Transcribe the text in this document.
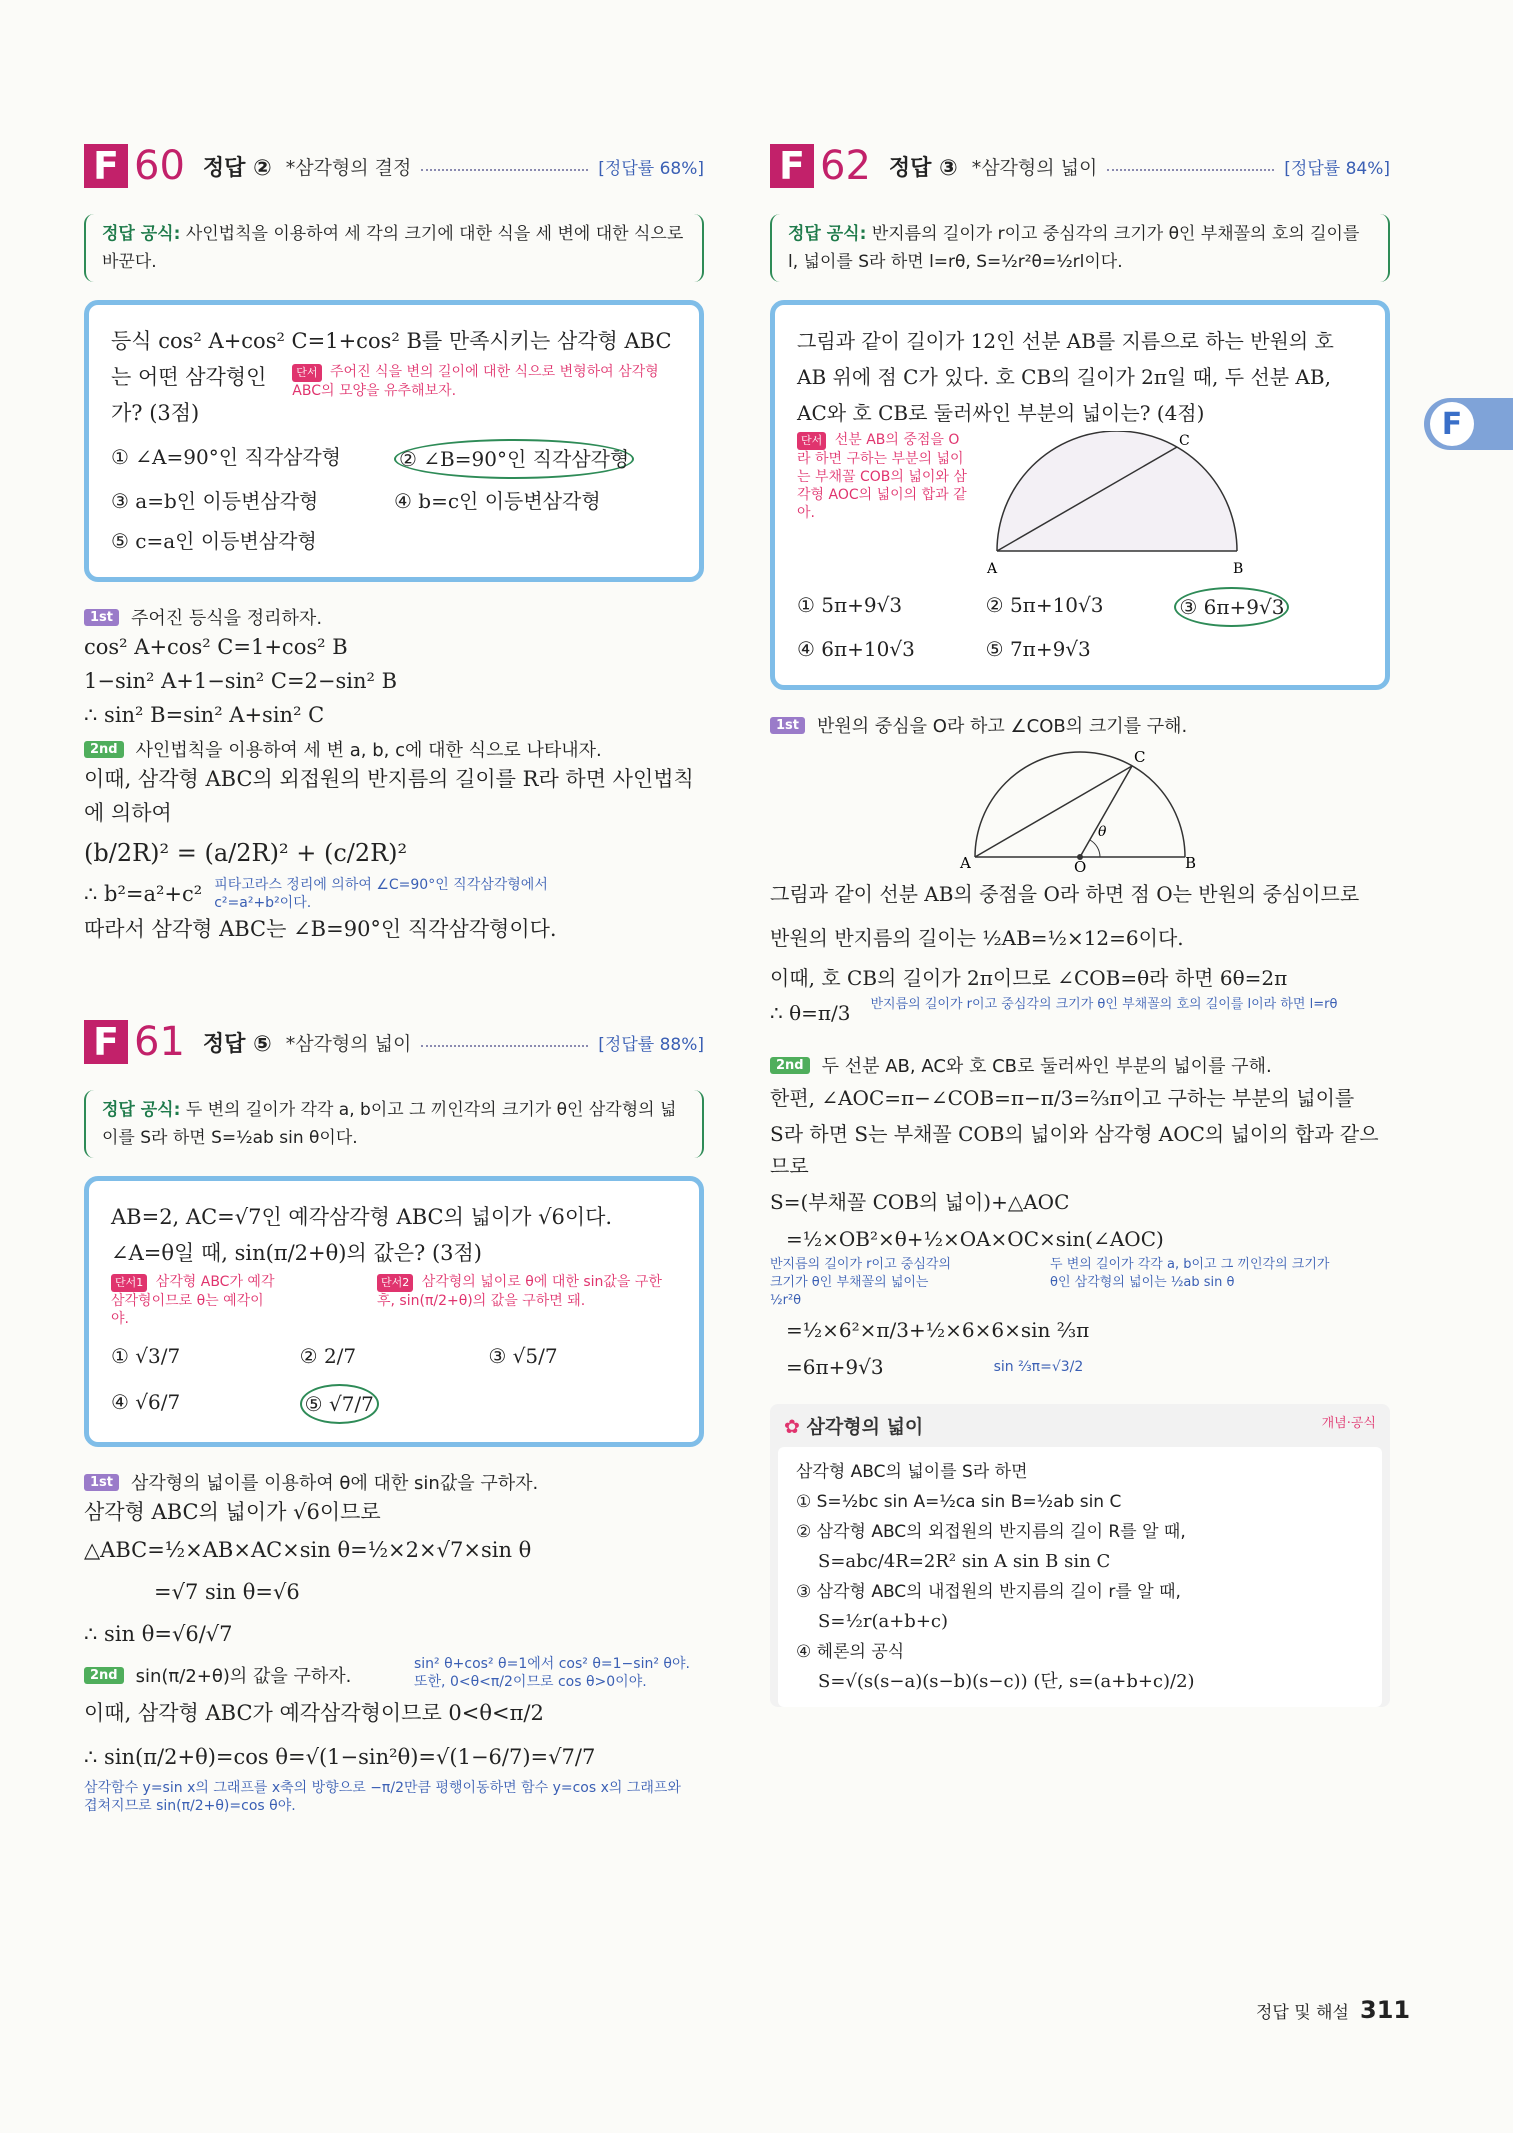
F
F 60 정답 ② *삼각형의 결정	[정답률 68%]
정답 공식: 사인법칙을 이용하여 세 각의 크기에 대한 식을 세 변에 대한 식으로 바꾼다.
등식 cos² A+cos² C=1+cos² B를 만족시키는 삼각형 ABC
는 어떤 삼각형인가? (3점)
단서 주어진 식을 변의 길이에 대한 식으로 변형하여 삼각형 ABC의 모양을 유추해보자.
① ∠A=90°인 직각삼각형	② ∠B=90°인 직각삼각형
③ a=b인 이등변삼각형	④ b=c인 이등변삼각형
⑤ c=a인 이등변삼각형
1st	주어진 등식을 정리하자.
cos² A+cos² C=1+cos² B
1−sin² A+1−sin² C=2−sin² B
∴ sin² B=sin² A+sin² C
2nd	사인법칙을 이용하여 세 변 a, b, c에 대한 식으로 나타내자.
이때, 삼각형 ABC의 외접원의 반지름의 길이를 R라 하면 사인법칙에 의하여
(b/2R)² = (a/2R)² + (c/2R)²
∴ b²=a²+c² 피타고라스 정리에 의하여 ∠C=90°인 직각삼각형에서 c²=a²+b²이다.
따라서 삼각형 ABC는 ∠B=90°인 직각삼각형이다.
F 61 정답 ⑤ *삼각형의 넓이	[정답률 88%]
정답 공식: 두 변의 길이가 각각 a, b이고 그 끼인각의 크기가 θ인 삼각형의 넓이를 S라 하면 S=½ab sin θ이다.
AB=2, AC=√7인 예각삼각형 ABC의 넓이가 √6이다.
∠A=θ일 때, sin(π/2+θ)의 값은? (3점)
단서1 삼각형 ABC가 예각삼각형이므로 θ는 예각이야.
단서2 삼각형의 넓이로 θ에 대한 sin값을 구한 후, sin(π/2+θ)의 값을 구하면 돼.
① √3/7	② 2/7	③ √5/7
④ √6/7	⑤ √7/7
1st	삼각형의 넓이를 이용하여 θ에 대한 sin값을 구하자.
삼각형 ABC의 넓이가 √6이므로
△ABC=½×AB×AC×sin θ=½×2×√7×sin θ
=√7 sin θ=√6
∴ sin θ=√6/√7
2nd	sin(π/2+θ)의 값을 구하자.
sin² θ+cos² θ=1에서 cos² θ=1−sin² θ야. 또한, 0<θ<π/2이므로 cos θ>0이야.
이때, 삼각형 ABC가 예각삼각형이므로 0<θ<π/2
∴ sin(π/2+θ)=cos θ=√(1−sin²θ)=√(1−6/7)=√7/7
삼각함수 y=sin x의 그래프를 x축의 방향으로 −π/2만큼 평행이동하면 함수 y=cos x의 그래프와 겹쳐지므로 sin(π/2+θ)=cos θ야.
F 62 정답 ③ *삼각형의 넓이	[정답률 84%]
정답 공식: 반지름의 길이가 r이고 중심각의 크기가 θ인 부채꼴의 호의 길이를 l, 넓이를 S라 하면 l=rθ, S=½r²θ=½rl이다.
그림과 같이 길이가 12인 선분 AB를 지름으로 하는 반원의 호
AB 위에 점 C가 있다. 호 CB의 길이가 2π일 때, 두 선분 AB,
AC와 호 CB로 둘러싸인 부분의 넓이는? (4점)
단서 선분 AB의 중점을 O라 하면 구하는 부분의 넓이는 부채꼴 COB의 넓이와 삼각형 AOC의 넓이의 합과 같아.
A	B
C
① 5π+9√3	② 5π+10√3	③ 6π+9√3
④ 6π+10√3	⑤ 7π+9√3
1st	반원의 중심을 O라 하고 ∠COB의 크기를 구해.
A	B
C
O
θ
그림과 같이 선분 AB의 중점을 O라 하면 점 O는 반원의 중심이므로
반원의 반지름의 길이는 ½AB=½×12=6이다.
이때, 호 CB의 길이가 2π이므로 ∠COB=θ라 하면 6θ=2π
∴ θ=π/3 반지름의 길이가 r이고 중심각의 크기가 θ인 부채꼴의 호의 길이를 l이라 하면 l=rθ
2nd	두 선분 AB, AC와 호 CB로 둘러싸인 부분의 넓이를 구해.
한편, ∠AOC=π−∠COB=π−π/3=⅔π이고 구하는 부분의 넓이를
S라 하면 S는 부채꼴 COB의 넓이와 삼각형 AOC의 넓이의 합과 같으므로
S=(부채꼴 COB의 넓이)+△AOC
=½×OB²×θ+½×OA×OC×sin(∠AOC)
반지름의 길이가 r이고 중심각의 크기가 θ인 부채꼴의 넓이는 ½r²θ
두 변의 길이가 각각 a, b이고 그 끼인각의 크기가 θ인 삼각형의 넓이는 ½ab sin θ
=½×6²×π/3+½×6×6×sin ⅔π
=6π+9√3	sin ⅔π=√3/2
✿ 삼각형의 넓이	개념·공식
삼각형 ABC의 넓이를 S라 하면
① S=½bc sin A=½ca sin B=½ab sin C
② 삼각형 ABC의 외접원의 반지름의 길이 R를 알 때,
S=abc/4R=2R² sin A sin B sin C
③ 삼각형 ABC의 내접원의 반지름의 길이 r를 알 때,
S=½r(a+b+c)
④ 헤론의 공식
S=√(s(s−a)(s−b)(s−c)) (단, s=(a+b+c)/2)
정답 및 해설 311
